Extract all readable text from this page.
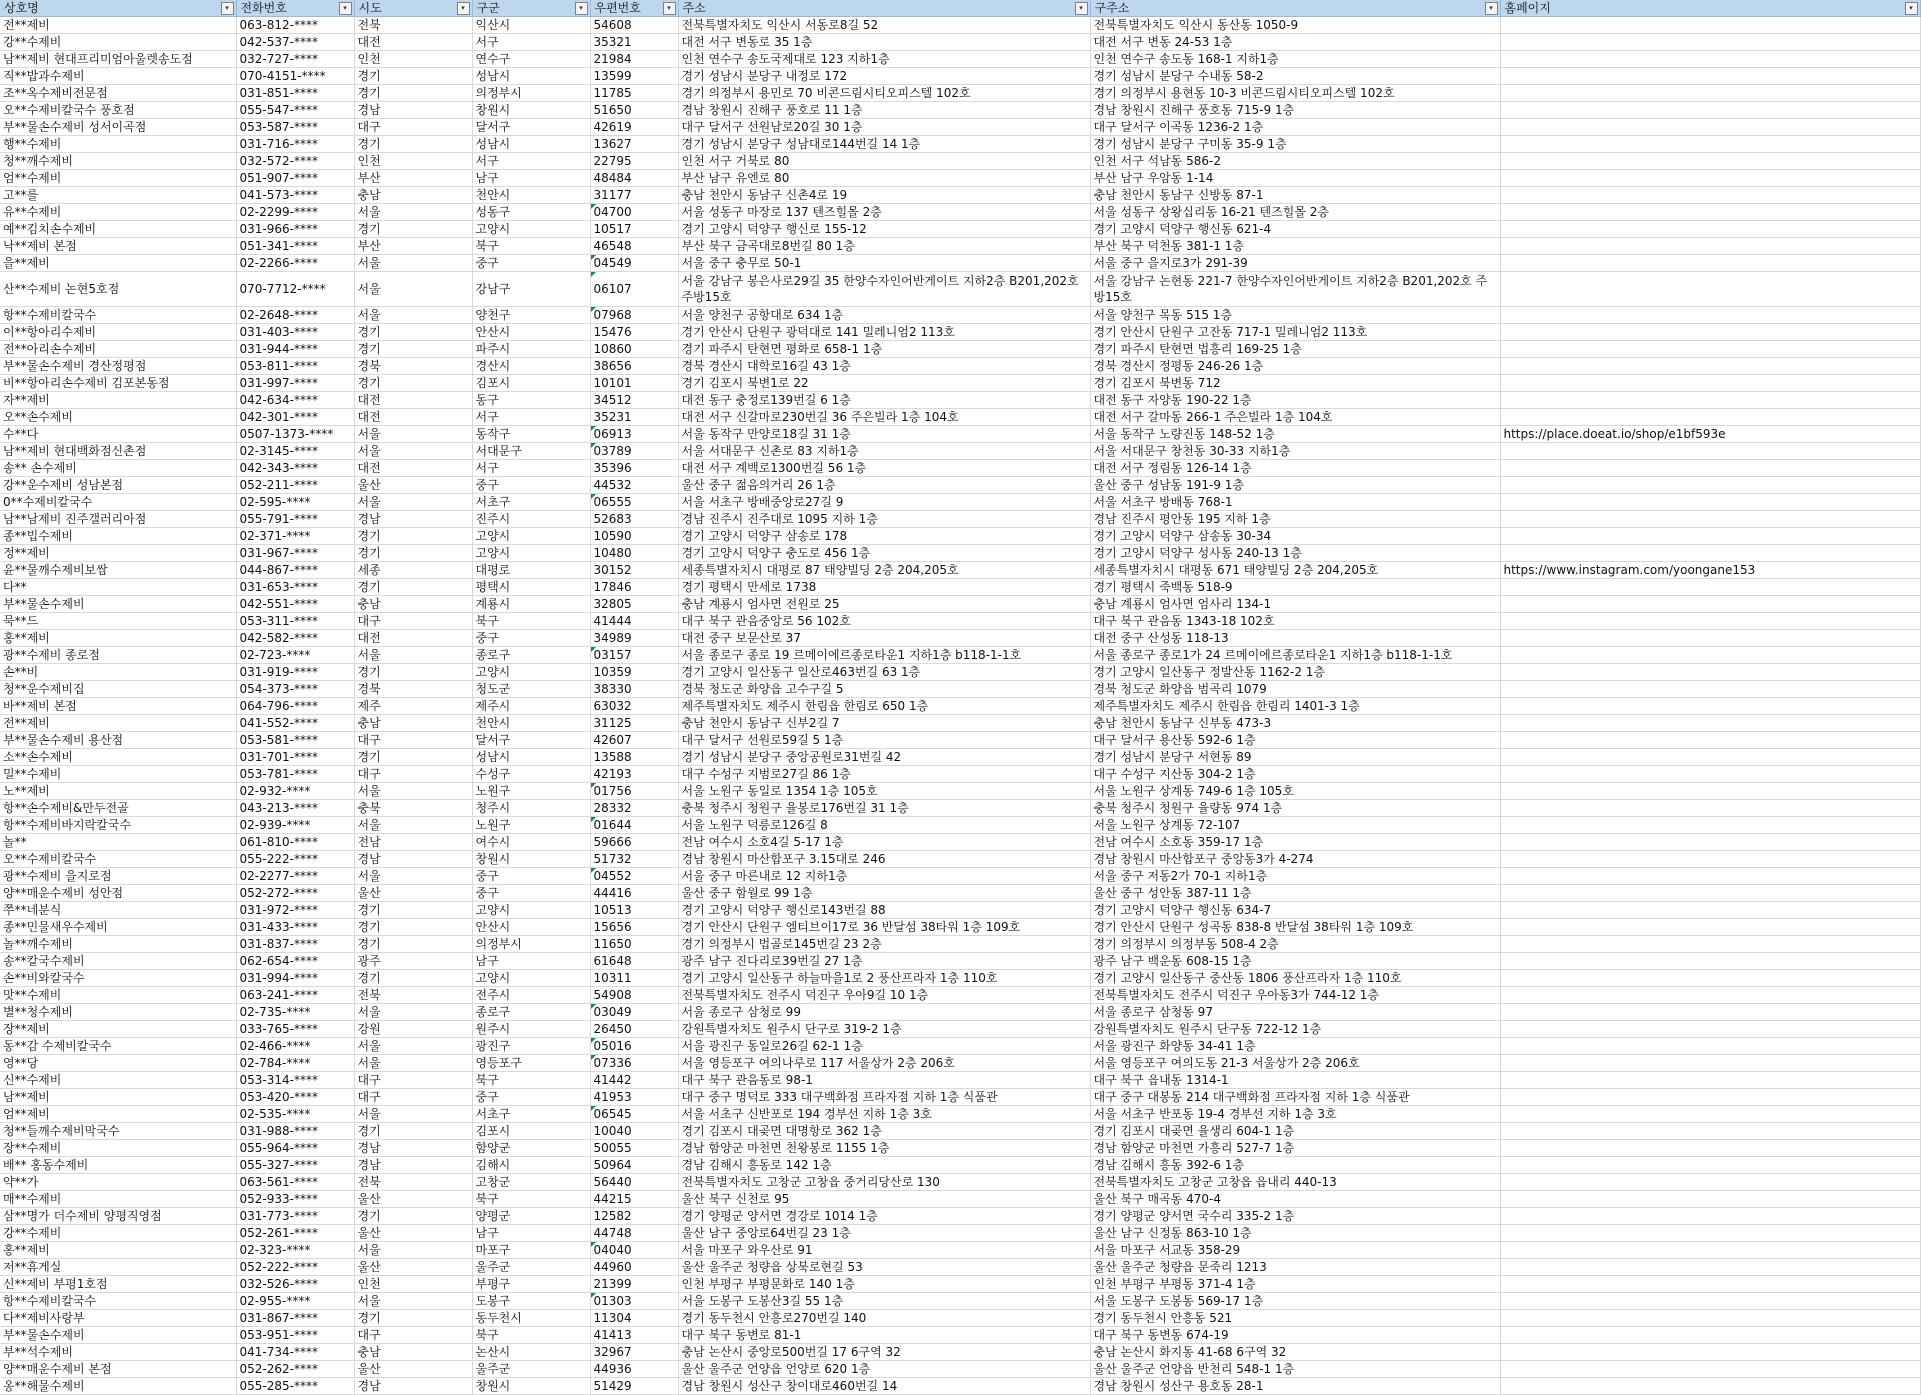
상호명 ▾	전화번호 ▾	시도 ▾	구군 ▾	우편번호 ▾	주소 ▾	구주소 ▾	홈페이지 ▾

전**제비	063-812-****	전북	익산시	54608	전북특별자치도 익산시 서동로8길 52	전북특별자치도 익산시 동산동 1050-9	
강**수제비	042-537-****	대전	서구	35321	대전 서구 변동로 35 1층	대전 서구 변동 24-53 1층	
남**제비 현대프리미엄아울렛송도점	032-727-****	인천	연수구	21984	인천 연수구 송도국제대로 123 지하1층	인천 연수구 송도동 168-1 지하1층	
직**밥과수제비	070-4151-****	경기	성남시	13599	경기 성남시 분당구 내정로 172	경기 성남시 분당구 수내동 58-2	
조**옥수제비전문점	031-851-****	경기	의정부시	11785	경기 의정부시 용민로 70 비콘드림시티오피스텔 102호	경기 의정부시 용현동 10-3 비콘드림시티오피스텔 102호	
오**수제비칼국수 풍호점	055-547-****	경남	창원시	51650	경남 창원시 진해구 풍호로 11 1층	경남 창원시 진해구 풍호동 715-9 1층	
부**물손수제비 성서이곡점	053-587-****	대구	달서구	42619	대구 달서구 선원남로20길 30 1층	대구 달서구 이곡동 1236-2 1층	
행**수제비	031-716-****	경기	성남시	13627	경기 성남시 분당구 성남대로144번길 14 1층	경기 성남시 분당구 구미동 35-9 1층	
청**깨수제비	032-572-****	인천	서구	22795	인천 서구 거북로 80	인천 서구 석남동 586-2	
엄**수제비	051-907-****	부산	남구	48484	부산 남구 유엔로 80	부산 남구 우암동 1-14	
고**를	041-573-****	충남	천안시	31177	충남 천안시 동남구 신촌4로 19	충남 천안시 동남구 신방동 87-1	
유**수제비	02-2299-****	서울	성동구	04700	서울 성동구 마장로 137 텐즈힐몰 2층	서울 성동구 상왕십리동 16-21 텐즈힐몰 2층	
예**김치손수제비	031-966-****	경기	고양시	10517	경기 고양시 덕양구 행신로 155-12	경기 고양시 덕양구 행신동 621-4	
낙**제비 본점	051-341-****	부산	북구	46548	부산 북구 금곡대로8번길 80 1층	부산 북구 덕천동 381-1 1층	
을**제비	02-2266-****	서울	중구	04549	서울 중구 충무로 50-1	서울 중구 을지로3가 291-39	
산**수제비 논현5호점	070-7712-****	서울	강남구	06107	서울 강남구 봉은사로29길 35 한양수자인어반게이트 지하2층 B201,202호 주방15호	서울 강남구 논현동 221-7 한양수자인어반게이트 지하2층 B201,202호 주방15호	
항**수제비칼국수	02-2648-****	서울	양천구	07968	서울 양천구 공항대로 634 1층	서울 양천구 목동 515 1층	
이**항아리수제비	031-403-****	경기	안산시	15476	경기 안산시 단원구 광덕대로 141 밀레니엄2 113호	경기 안산시 단원구 고잔동 717-1 밀레니엄2 113호	
전**아리손수제비	031-944-****	경기	파주시	10860	경기 파주시 탄현면 평화로 658-1 1층	경기 파주시 탄현면 법흥리 169-25 1층	
부**물손수제비 경산정평점	053-811-****	경북	경산시	38656	경북 경산시 대학로16길 43 1층	경북 경산시 정평동 246-26 1층	
비**항아리손수제비 김포본동점	031-997-****	경기	김포시	10101	경기 김포시 북변1로 22	경기 김포시 북변동 712	
자**제비	042-634-****	대전	동구	34512	대전 동구 충정로139번길 6 1층	대전 동구 자양동 190-22 1층	
오**손수제비	042-301-****	대전	서구	35231	대전 서구 신갈마로230번길 36 주은빌라 1층 104호	대전 서구 갈마동 266-1 주은빌라 1층 104호	
수**다	0507-1373-****	서울	동작구	06913	서울 동작구 만양로18길 31 1층	서울 동작구 노량진동 148-52 1층	https://place.doeat.io/shop/e1bf593e
남**제비 현대백화점신촌점	02-3145-****	서울	서대문구	03789	서울 서대문구 신촌로 83 지하1층	서울 서대문구 창천동 30-33 지하1층	
송** 손수제비	042-343-****	대전	서구	35396	대전 서구 계백로1300번길 56 1층	대전 서구 정림동 126-14 1층	
강**운수제비 성남본점	052-211-****	울산	중구	44532	울산 중구 젊음의거리 26 1층	울산 중구 성남동 191-9 1층	
0**수제비칼국수	02-595-****	서울	서초구	06555	서울 서초구 방배중앙로27길 9	서울 서초구 방배동 768-1	
남**남제비 진주갤러리아점	055-791-****	경남	진주시	52683	경남 진주시 진주대로 1095 지하 1층	경남 진주시 평안동 195 지하 1층	
종**빕수제비	02-371-****	경기	고양시	10590	경기 고양시 덕양구 삼송로 178	경기 고양시 덕양구 삼송동 30-34	
정**제비	031-967-****	경기	고양시	10480	경기 고양시 덕양구 충도로 456 1층	경기 고양시 덕양구 성사동 240-13 1층	
윤**물깨수제비보쌈	044-867-****	세종	대평로	30152	세종특별자치시 대평로 87 태양빌딩 2층 204,205호	세종특별자치시 대평동 671 태양빌딩 2층 204,205호	https://www.instagram.com/yoongane153
다**	031-653-****	경기	평택시	17846	경기 평택시 만세로 1738	경기 평택시 죽백동 518-9	
부**물손수제비	042-551-****	충남	계룡시	32805	충남 계룡시 엄사면 전원로 25	충남 계룡시 엄사면 엄사리 134-1	
묵**드	053-311-****	대구	북구	41444	대구 북구 관음중앙로 56 102호	대구 북구 관음동 1343-18 102호	
홍**제비	042-582-****	대전	중구	34989	대전 중구 보문산로 37	대전 중구 산성동 118-13	
광**수제비 종로점	02-723-****	서울	종로구	03157	서울 종로구 종로 19 르메이에르종로타운1 지하1층 b118-1-1호	서울 종로구 종로1가 24 르메이에르종로타운1 지하1층 b118-1-1호	
손**비	031-919-****	경기	고양시	10359	경기 고양시 일산동구 일산로463번길 63 1층	경기 고양시 일산동구 정발산동 1162-2 1층	
청**운수제비집	054-373-****	경북	청도군	38330	경북 청도군 화양읍 고수구길 5	경북 청도군 화양읍 범곡리 1079	
바**제비 본점	064-796-****	제주	제주시	63032	제주특별자치도 제주시 한림읍 한림로 650 1층	제주특별자치도 제주시 한림읍 한림리 1401-3 1층	
전**제비	041-552-****	충남	천안시	31125	충남 천안시 동남구 신부2길 7	충남 천안시 동남구 신부동 473-3	
부**물손수제비 용산점	053-581-****	대구	달서구	42607	대구 달서구 선원로59길 5 1층	대구 달서구 용산동 592-6 1층	
소**손수제비	031-701-****	경기	성남시	13588	경기 성남시 분당구 중앙공원로31번길 42	경기 성남시 분당구 서현동 89	
밀**수제비	053-781-****	대구	수성구	42193	대구 수성구 지범로27길 86 1층	대구 수성구 지산동 304-2 1층	
노**제비	02-932-****	서울	노원구	01756	서울 노원구 동일로 1354 1층 105호	서울 노원구 상계동 749-6 1층 105호	
항**손수제비&만두전골	043-213-****	충북	청주시	28332	충북 청주시 청원구 율봉로176번길 31 1층	충북 청주시 청원구 율량동 974 1층	
항**수제비바지락칼국수	02-939-****	서울	노원구	01644	서울 노원구 덕릉로126길 8	서울 노원구 상계동 72-107	
놀**	061-810-****	전남	여수시	59666	전남 여수시 소호4길 5-17 1층	전남 여수시 소호동 359-17 1층	
오**수제비칼국수	055-222-****	경남	창원시	51732	경남 창원시 마산합포구 3.15대로 246	경남 창원시 마산합포구 중앙동3가 4-274	
광**수제비 을지로점	02-2277-****	서울	중구	04552	서울 중구 마른내로 12 지하1층	서울 중구 저동2가 70-1 지하1층	
양**매운수제비 성안점	052-272-****	울산	중구	44416	울산 중구 함월로 99 1층	울산 중구 성안동 387-11 1층	
쭈**네분식	031-972-****	경기	고양시	10513	경기 고양시 덕양구 행신로143번길 88	경기 고양시 덕양구 행신동 634-7	
종**민물새우수제비	031-433-****	경기	안산시	15656	경기 안산시 단원구 엠티브이17로 36 반달섬 38타워 1층 109호	경기 안산시 단원구 성곡동 838-8 반달섬 38타워 1층 109호	
놀**깨수제비	031-837-****	경기	의정부시	11650	경기 의정부시 법골로145번길 23 2층	경기 의정부시 의정부동 508-4 2층	
송**칼국수제비	062-654-****	광주	남구	61648	광주 남구 진다리로39번길 27 1층	광주 남구 백운동 608-15 1층	
손**비와칼국수	031-994-****	경기	고양시	10311	경기 고양시 일산동구 하늘마을1로 2 풍산프라자 1층 110호	경기 고양시 일산동구 중산동 1806 풍산프라자 1층 110호	
맛**수제비	063-241-****	전북	전주시	54908	전북특별자치도 전주시 덕진구 우아9길 10 1층	전북특별자치도 전주시 덕진구 우아동3가 744-12 1층	
별**청수제비	02-735-****	서울	종로구	03049	서울 종로구 삼청로 99	서울 종로구 삼청동 97	
장**제비	033-765-****	강원	원주시	26450	강원특별자치도 원주시 단구로 319-2 1층	강원특별자치도 원주시 단구동 722-12 1층	
동**감 수제비칼국수	02-466-****	서울	광진구	05016	서울 광진구 동일로26길 62-1 1층	서울 광진구 화양동 34-41 1층	
영**당	02-784-****	서울	영등포구	07336	서울 영등포구 여의나루로 117 서울상가 2층 206호	서울 영등포구 여의도동 21-3 서울상가 2층 206호	
신**수제비	053-314-****	대구	북구	41442	대구 북구 관음동로 98-1	대구 북구 읍내동 1314-1	
남**제비	053-420-****	대구	중구	41953	대구 중구 명덕로 333 대구백화점 프라자점 지하 1층 식품관	대구 중구 대봉동 214 대구백화점 프라자점 지하 1층 식품관	
엄**제비	02-535-****	서울	서초구	06545	서울 서초구 신반포로 194 경부선 지하 1층 3호	서울 서초구 반포동 19-4 경부선 지하 1층 3호	
청**들깨수제비막국수	031-988-****	경기	김포시	10040	경기 김포시 대곶면 대명항로 362 1층	경기 김포시 대곶면 율생리 604-1 1층	
장**수제비	055-964-****	경남	함양군	50055	경남 함양군 마천면 천왕봉로 1155 1층	경남 함양군 마천면 가흥리 527-7 1층	
배** 홍동수제비	055-327-****	경남	김해시	50964	경남 김해시 흥동로 142 1층	경남 김해시 흥동 392-6 1층	
약**가	063-561-****	전북	고창군	56440	전북특별자치도 고창군 고창읍 중거리당산로 130	전북특별자치도 고창군 고창읍 읍내리 440-13	
매**수제비	052-933-****	울산	북구	44215	울산 북구 신천로 95	울산 북구 매곡동 470-4	
삼**명가 더수제비 양평직영점	031-773-****	경기	양평군	12582	경기 양평군 양서면 경강로 1014 1층	경기 양평군 양서면 국수리 335-2 1층	
강**수제비	052-261-****	울산	남구	44748	울산 남구 중앙로64번길 23 1층	울산 남구 신정동 863-10 1층	
홍**제비	02-323-****	서울	마포구	04040	서울 마포구 와우산로 91	서울 마포구 서교동 358-29	
저**휴게실	052-222-****	울산	울주군	44960	울산 울주군 청량읍 상북로현길 53	울산 울주군 청량읍 문죽리 1213	
신**제비 부평1호점	032-526-****	인천	부평구	21399	인천 부평구 부평문화로 140 1층	인천 부평구 부평동 371-4 1층	
항**수제비칼국수	02-955-****	서울	도봉구	01303	서울 도봉구 도봉산3길 55 1층	서울 도봉구 도봉동 569-17 1층	
다**제비사랑부	031-867-****	경기	동두천시	11304	경기 동두천시 안흥로270번길 140	경기 동두천시 안흥동 521	
부**물손수제비	053-951-****	대구	북구	41413	대구 북구 동변로 81-1	대구 북구 동변동 674-19	
부**석수제비	041-734-****	충남	논산시	32967	충남 논산시 중앙로500번길 17 6구역 32	충남 논산시 화지동 41-68 6구역 32	
양**매운수제비 본점	052-262-****	울산	울주군	44936	울산 울주군 언양읍 언양로 620 1층	울산 울주군 언양읍 반천리 548-1 1층	
옹**해물수제비	055-285-****	경남	창원시	51429	경남 창원시 성산구 창이대로460번길 14	경남 창원시 성산구 용호동 28-1	
